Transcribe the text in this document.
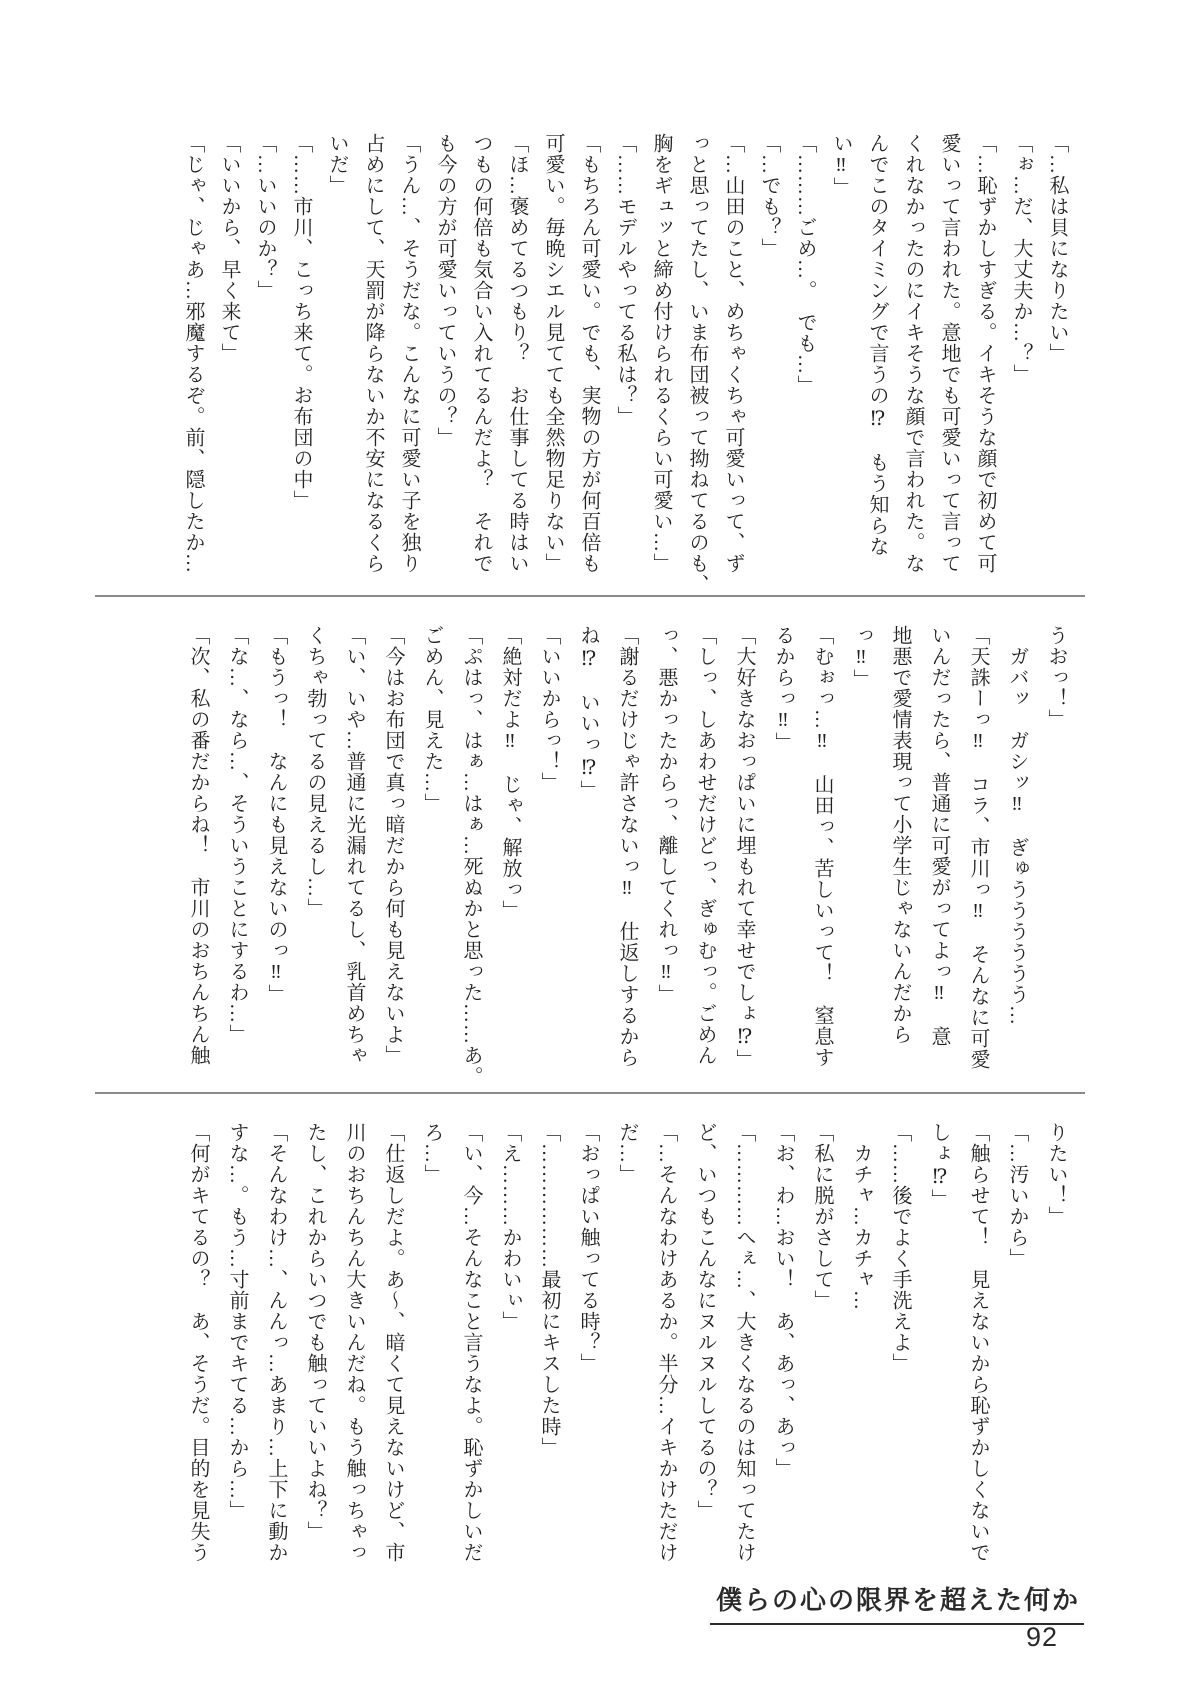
「…私は貝になりたい」

「ぉ…だ、大丈夫か…？」

「…恥ずかしすぎる。イキそうな顔で初めて可

愛いって言われた。意地でも可愛いって言って

くれなかったのにイキそうな顔で言われた。な

んでこのタイミングで言うの⁉　もう知らな

い‼」

「………ごめ…。　でも…」

「…でも？」

「…山田のこと、めちゃくちゃ可愛いって、ず

っと思ってたし、いま布団被って拗ねてるのも、

胸をギュッと締め付けられるくらい可愛い…」

「……モデルやってる私は？」

「もちろん可愛い。でも、実物の方が何百倍も

可愛い。毎晩シエル見てても全然物足りない」

「ほ…褒めてるつもり？　お仕事してる時はい

つもの何倍も気合い入れてるんだよ？　それで

も今の方が可愛いっていうの？」

「うん…、そうだな。こんなに可愛い子を独り

占めにして、天罰が降らないか不安になるくら

いだ」

「……市川、こっち来て。お布団の中」

「…いいのか？」

「いいから、早く来て」

「じゃ、じゃあ…邪魔するぞ。前、隠したか…

うおっ！」

　ガバッ　ガシッ‼　ぎゅうううううう…

「天誅ーっ‼　コラ、市川っ‼　そんなに可愛

いんだったら、普通に可愛がってよっ‼　意

地悪で愛情表現って小学生じゃないんだから

っ‼」

「むぉっ…‼　山田っ、苦しいって！　窒息す

るからっ‼」

「大好きなおっぱいに埋もれて幸せでしょ⁉」

「しっ、しあわせだけどっ、ぎゅむっ。ごめん

っ、悪かったからっ、離してくれっ‼」

「謝るだけじゃ許さないっ‼　仕返しするから

ね⁉　いいっ⁉」

「いいからっ！」

「絶対だよ‼　じゃ、解放っ」

「ぷはっ、はぁ…はぁ…死ぬかと思った……あ。

ごめん、見えた…」

「今はお布団で真っ暗だから何も見えないよ」

「い、いや…普通に光漏れてるし、乳首めちゃ

くちゃ勃ってるの見えるし…」

「もうっ！　なんにも見えないのっ‼」

「な…、なら…、そういうことにするわ…」

「次、私の番だからね！　市川のおちんちん触

りたい！」

「…汚いから」

「触らせて！　見えないから恥ずかしくないで

しょ⁉」

「……後でよく手洗えよ」

　カチャ…カチャ…

「私に脱がさして」

「お、わ…おい！　あ、あっ、あっ」

「…………へぇ…、大きくなるのは知ってたけ

ど、いつもこんなにヌルヌルしてるの？」

「…そんなわけあるか。半分…イキかけただけ

だ…」

「おっぱい触ってる時？」

「………………最初にキスした時」

「え………かわいぃ」

「い、今…そんなこと言うなよ。恥ずかしいだ

ろ…」

「仕返しだよ。あ〜、暗くて見えないけど、市

川のおちんちん大きいんだね。もう触っちゃっ

たし、これからいつでも触っていいよね？」

「そんなわけ…、んんっ…あまり…上下に動か

すな…。もう…寸前までキてる…から…」

「何がキてるの？　あ、そうだ。目的を見失う

僕らの心の限界を超えた何か
92
